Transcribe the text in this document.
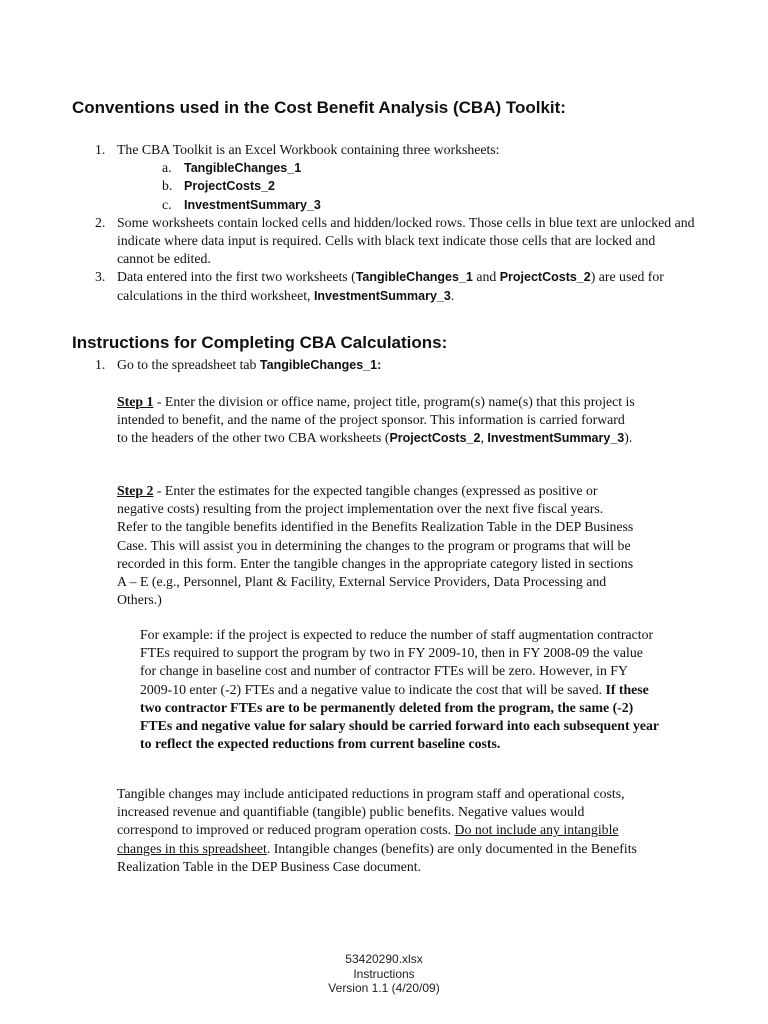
Conventions used in the Cost Benefit Analysis (CBA) Toolkit:
1. The CBA Toolkit is an Excel Workbook containing three worksheets:
a. TangibleChanges_1
b. ProjectCosts_2
c. InvestmentSummary_3
2. Some worksheets contain locked cells and hidden/locked rows. Those cells in blue text are unlocked and indicate where data input is required. Cells with black text indicate those cells that are locked and cannot be edited.
3. Data entered into the first two worksheets (TangibleChanges_1 and ProjectCosts_2) are used for calculations in the third worksheet, InvestmentSummary_3.
Instructions for Completing CBA Calculations:
1. Go to the spreadsheet tab TangibleChanges_1:

Step 1 - Enter the division or office name, project title, program(s) name(s) that this project is intended to benefit, and the name of the project sponsor. This information is carried forward to the headers of the other two CBA worksheets (ProjectCosts_2, InvestmentSummary_3).

Step 2 - Enter the estimates for the expected tangible changes (expressed as positive or negative costs) resulting from the project implementation over the next five fiscal years. Refer to the tangible benefits identified in the Benefits Realization Table in the DEP Business Case. This will assist you in determining the changes to the program or programs that will be recorded in this form. Enter the tangible changes in the appropriate category listed in sections A – E (e.g., Personnel, Plant & Facility, External Service Providers, Data Processing and Others.)

For example: if the project is expected to reduce the number of staff augmentation contractor FTEs required to support the program by two in FY 2009-10, then in FY 2008-09 the value for change in baseline cost and number of contractor FTEs will be zero. However, in FY 2009-10 enter (-2) FTEs and a negative value to indicate the cost that will be saved. If these two contractor FTEs are to be permanently deleted from the program, the same (-2) FTEs and negative value for salary should be carried forward into each subsequent year to reflect the expected reductions from current baseline costs.

Tangible changes may include anticipated reductions in program staff and operational costs, increased revenue and quantifiable (tangible) public benefits. Negative values would correspond to improved or reduced program operation costs. Do not include any intangible changes in this spreadsheet. Intangible changes (benefits) are only documented in the Benefits Realization Table in the DEP Business Case document.

53420290.xlsx
Instructions
Version 1.1 (4/20/09)
